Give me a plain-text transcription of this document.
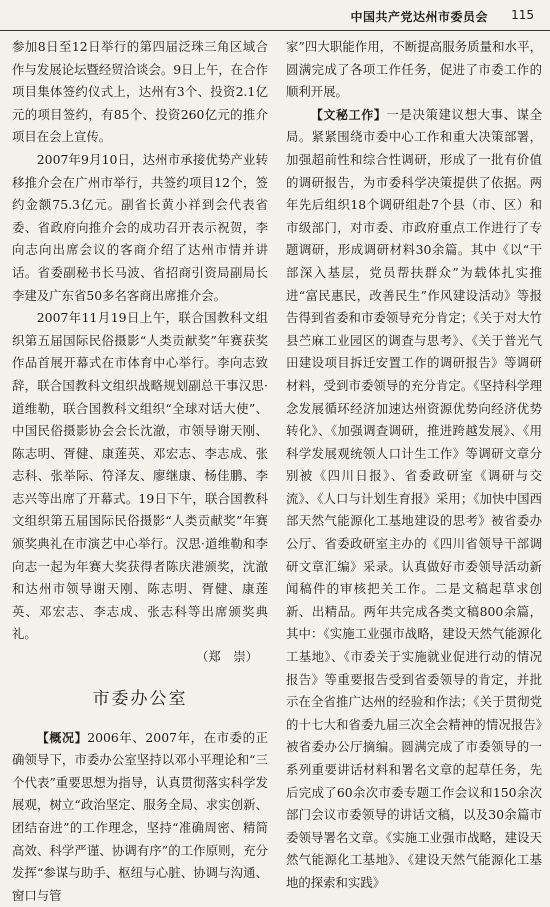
中国共产党达州市委员会 115

参加8日至12日举行的第四届泛珠三角区域合作与发展论坛暨经贸洽谈会。9日上午，在合作项目集体签约仪式上，达州有3个、投资2.1亿元的项目签约，有85个、投资260亿元的推介项目在会上宣传。

2007年9月10日，达州市承接优势产业转移推介会在广州市举行，共签约项目12个，签约金额75.3亿元。副省长黄小祥到会代表省委、省政府向推介会的成功召开表示祝贺，李向志向出席会议的客商介绍了达州市情并讲话。省委副秘书长马波、省招商引资局副局长李建及广东省50多名客商出席推介会。

2007年11月19日上午，联合国教科文组织第五届国际民俗摄影“人类贡献奖”年赛获奖作品首展开幕式在市体育中心举行。李向志致辞，联合国教科文组织战略规划副总干事汉思·道维勒，联合国教科文组织“全球对话大使”、中国民俗摄影协会会长沈澈，市领导谢天刚、陈志明、胥健、康莲英、邓宏志、李志成、张志科、张举际、符泽友、廖继康、杨佳鹏、李志兴等出席了开幕式。19日下午，联合国教科文组织第五届国际民俗摄影“人类贡献奖”年赛颁奖典礼在市演艺中心举行。汉思·道维勒和李向志一起为年赛大奖获得者陈庆港颁奖，沈澈和达州市领导谢天刚、陈志明、胥健、康莲英、邓宏志、李志成、张志科等出席颁奖典礼。

（郑　崇）

市委办公室

【概况】2006年、2007年，在市委的正确领导下，市委办公室坚持以邓小平理论和“三个代表”重要思想为指导，认真贯彻落实科学发展观，树立“政治坚定、服务全局、求实创新、团结奋进”的工作理念，坚持“准确周密、精简高效、科学严谨、协调有序”的工作原则，充分发挥“参谋与助手、枢纽与心脏、协调与沟通、窗口与管

家”四大职能作用，不断提高服务质量和水平，圆满完成了各项工作任务，促进了市委工作的顺利开展。

【文秘工作】一是决策建议想大事、谋全局。紧紧围绕市委中心工作和重大决策部署，加强超前性和综合性调研，形成了一批有价值的调研报告，为市委科学决策提供了依据。两年先后组织18个调研组赴7个县（市、区）和市级部门，对市委、市政府重点工作进行了专题调研，形成调研材料30余篇。其中《以“干部深入基层，党员帮扶群众”为载体扎实推进“富民惠民，改善民生”作风建设活动》等报告得到省委和市委领导充分肯定；《关于对大竹县苎麻工业园区的调查与思考》、《关于普光气田建设项目拆迁安置工作的调研报告》等调研材料，受到市委领导的充分肯定。《坚持科学理念发展循环经济加速达州资源优势向经济优势转化》、《加强调查调研，推进跨越发展》、《用科学发展观统领人口计生工作》等调研文章分别被《四川日报》、省委政研室《调研与交流》、《人口与计划生育报》采用；《加快中国西部天然气能源化工基地建设的思考》被省委办公厅、省委政研室主办的《四川省领导干部调研文章汇编》采录。认真做好市委领导活动新闻稿件的审核把关工作。二是文稿起草求创新、出精品。两年共完成各类文稿800余篇，其中：《实施工业强市战略，建设天然气能源化工基地》、《市委关于实施就业促进行动的情况报告》等重要报告受到省委领导的肯定，并批示在全省推广达州的经验和作法；《关于贯彻党的十七大和省委九届三次全会精神的情况报告》被省委办公厅摘编。圆满完成了市委领导的一系列重要讲话材料和署名文章的起草任务，先后完成了60余次市委专题工作会议和150余次部门会议市委领导的讲话文稿，以及30余篇市委领导署名文章。《实施工业强市战略，建设天然气能源化工基地》、《建设天然气能源化工基地的探索和实践》
